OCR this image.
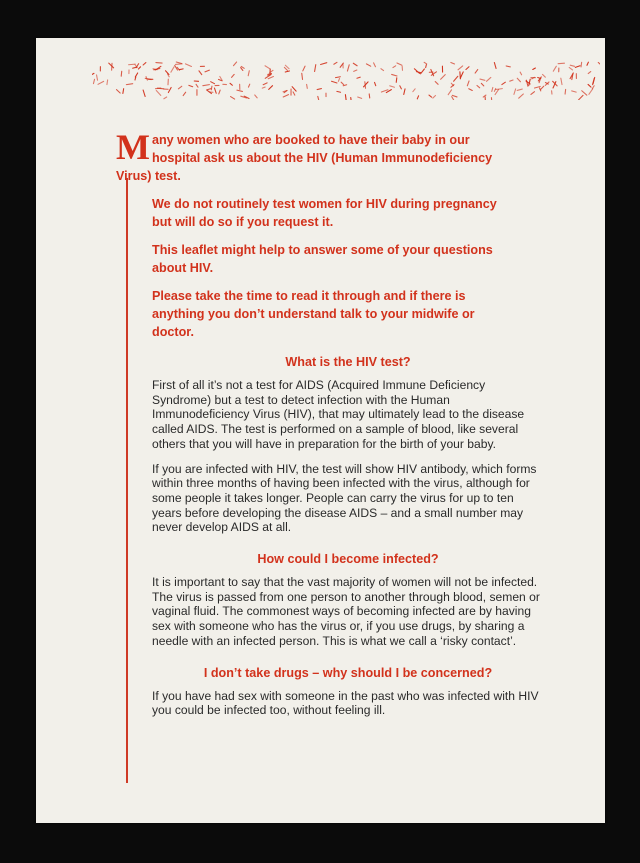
Many women who are booked to have their baby in our hospital ask us about the HIV (Human Immunodeficiency Virus) test.

We do not routinely test women for HIV during pregnancy but will do so if you request it.

This leaflet might help to answer some of your questions about HIV.

Please take the time to read it through and if there is anything you don’t understand talk to your midwife or doctor.

What is the HIV test?

First of all it’s not a test for AIDS (Acquired Immune Deficiency Syndrome) but a test to detect infection with the Human Immunodeficiency Virus (HIV), that may ultimately lead to the disease called AIDS. The test is performed on a sample of blood, like several others that you will have in preparation for the birth of your baby.

If you are infected with HIV, the test will show HIV antibody, which forms within three months of having been infected with the virus, although for some people it takes longer. People can carry the virus for up to ten years before developing the disease AIDS – and a small number may never develop AIDS at all.

How could I become infected?

It is important to say that the vast majority of women will not be infected. The virus is passed from one person to another through blood, semen or vaginal fluid. The commonest ways of becoming infected are by having sex with someone who has the virus or, if you use drugs, by sharing a needle with an infected person. This is what we call a ‘risky contact’.

I don’t take drugs – why should I be concerned?

If you have had sex with someone in the past who was infected with HIV you could be infected too, without feeling ill.
